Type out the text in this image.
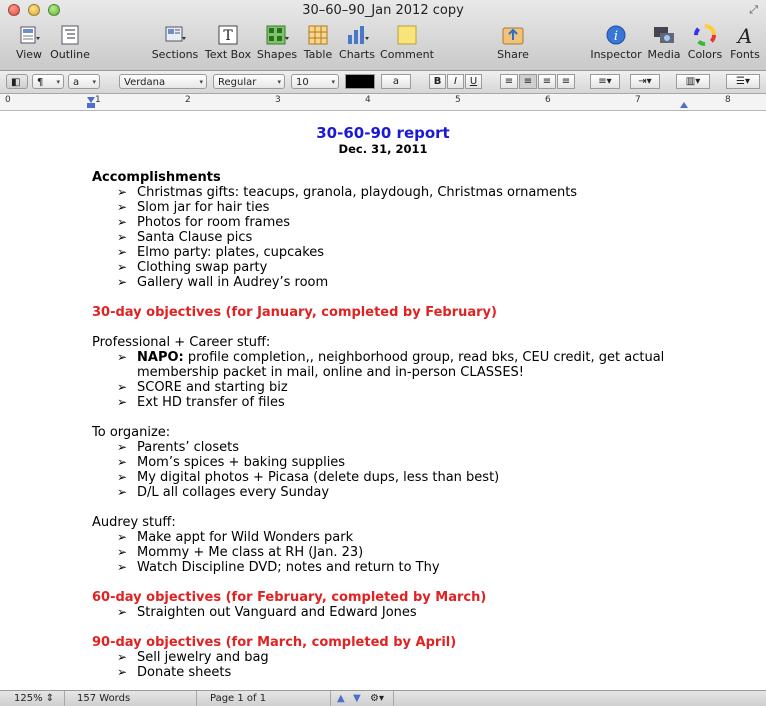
30–60–90_Jan 2012 copy	⤢
View Outline	Sections
T
Text Box Shapes Table Charts Comment	Share
i
Inspector Media Colors
A
Fonts
◧	¶ ▾	a ▾	Verdana	▾	Regular	▾	10	▾	a	B	I	U	≡	≡	≡	≡	≡▾	⇥▾	▥▾	☰▾
0	1	2	3	4	5	6	7	8
30-60-90 report
Dec. 31, 2011
Accomplishments
➢ Christmas gifts: teacups, granola, playdough, Christmas ornaments
➢ Slom jar for hair ties
➢ Photos for room frames
➢ Santa Clause pics
➢ Elmo party: plates, cupcakes
➢ Clothing swap party
➢ Gallery wall in Audrey’s room
30-day objectives (for January, completed by February)
Professional + Career stuff:
➢ NAPO: profile completion,, neighborhood group, read bks, CEU credit, get actual
membership packet in mail, online and in-person CLASSES!
➢ SCORE and starting biz
➢ Ext HD transfer of files
To organize:
➢ Parents’ closets
➢ Mom’s spices + baking supplies
➢ My digital photos + Picasa (delete dups, less than best)
➢ D/L all collages every Sunday
Audrey stuff:
➢ Make appt for Wild Wonders park
➢ Mommy + Me class at RH (Jan. 23)
➢ Watch Discipline DVD; notes and return to Thy
60-day objectives (for February, completed by March)
➢ Straighten out Vanguard and Edward Jones
90-day objectives (for March, completed by April)
➢ Sell jewelry and bag
➢ Donate sheets
125% ⇕ 157 Words	Page 1 of 1	▲ ▼ ⚙▾
